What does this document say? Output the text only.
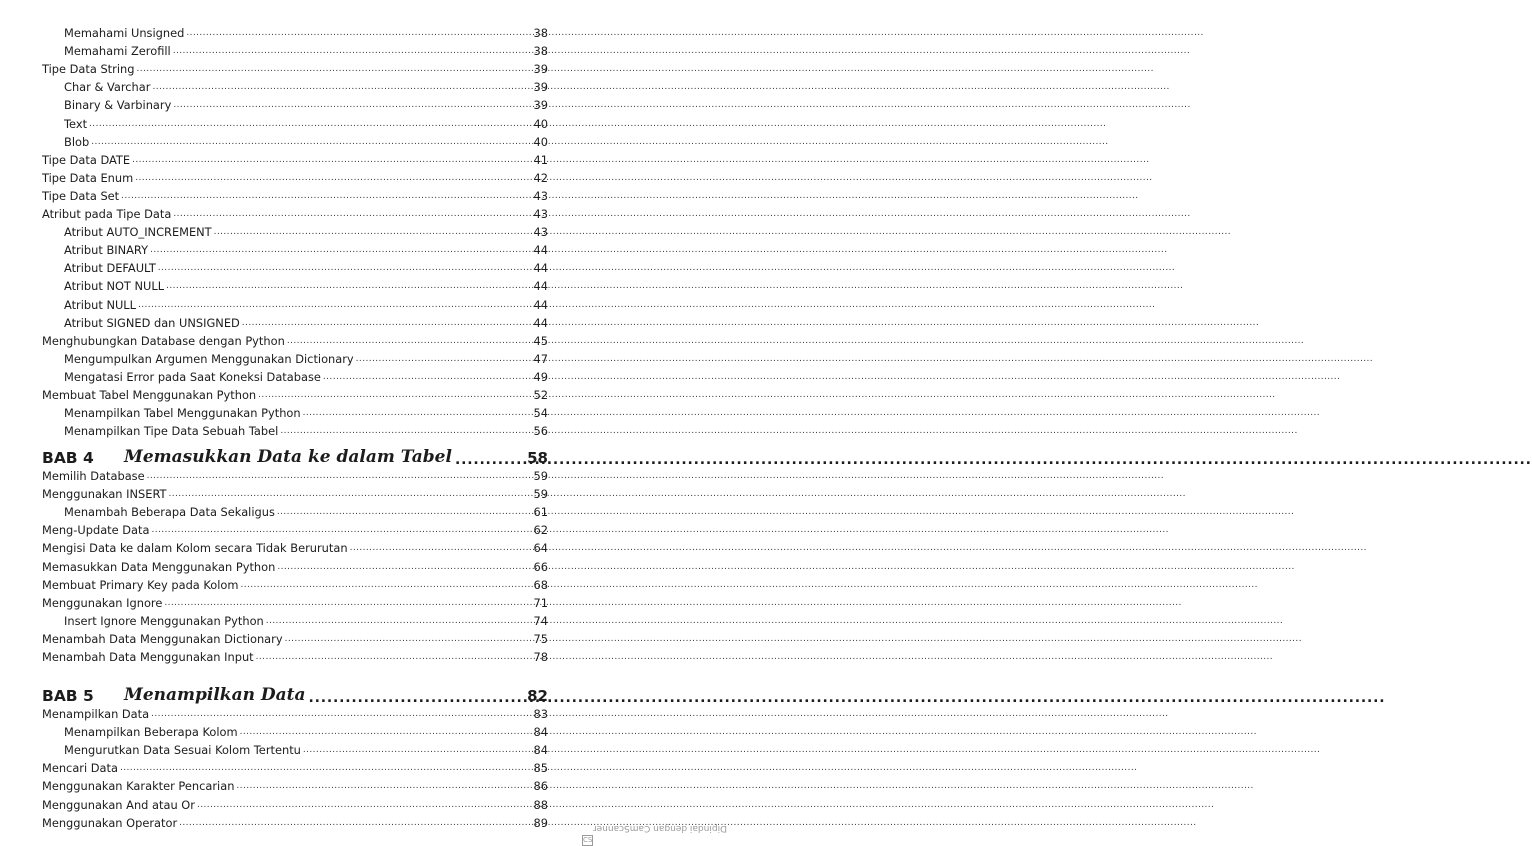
Memahami Unsigned .....	38
Memahami Zerofill .....	38
Tipe Data String .....	39
Char & Varchar .....	39
Binary & Varbinary .....	39
Text .....	40
Blob .....	40
Tipe Data DATE .....	41
Tipe Data Enum .....	42
Tipe Data Set .....	43
Atribut pada Tipe Data .....	43
Atribut AUTO_INCREMENT .....	43
Atribut BINARY .....	44
Atribut DEFAULT .....	44
Atribut NOT NULL .....	44
Atribut NULL .....	44
Atribut SIGNED dan UNSIGNED .....	44
Menghubungkan Database dengan Python .....	45
Mengumpulkan Argumen Menggunakan Dictionary .....	47
Mengatasi Error pada Saat Koneksi Database .....	49
Membuat Tabel Menggunakan Python .....	52
Menampilkan Tabel Menggunakan Python .....	54
Menampilkan Tipe Data Sebuah Tabel .....	56
BAB 4	Memasukkan Data ke dalam Tabel .....	58
Memilih Database .....	59
Menggunakan INSERT .....	59
Menambah Beberapa Data Sekaligus .....	61
Meng-Update Data .....	62
Mengisi Data ke dalam Kolom secara Tidak Berurutan .....	64
Memasukkan Data Menggunakan Python .....	66
Membuat Primary Key pada Kolom .....	68
Menggunakan Ignore .....	71
Insert Ignore Menggunakan Python .....	74
Menambah Data Menggunakan Dictionary .....	75
Menambah Data Menggunakan Input .....	78
BAB 5	Menampilkan Data .....	82
Menampilkan Data .....	83
Menampilkan Beberapa Kolom .....	84
Mengurutkan Data Sesuai Kolom Tertentu .....	84
Mencari Data .....	85
Menggunakan Karakter Pencarian .....	86
Menggunakan And atau Or .....	88
Menggunakan Operator .....	89
CS
Dipindai dengan CamScanner
